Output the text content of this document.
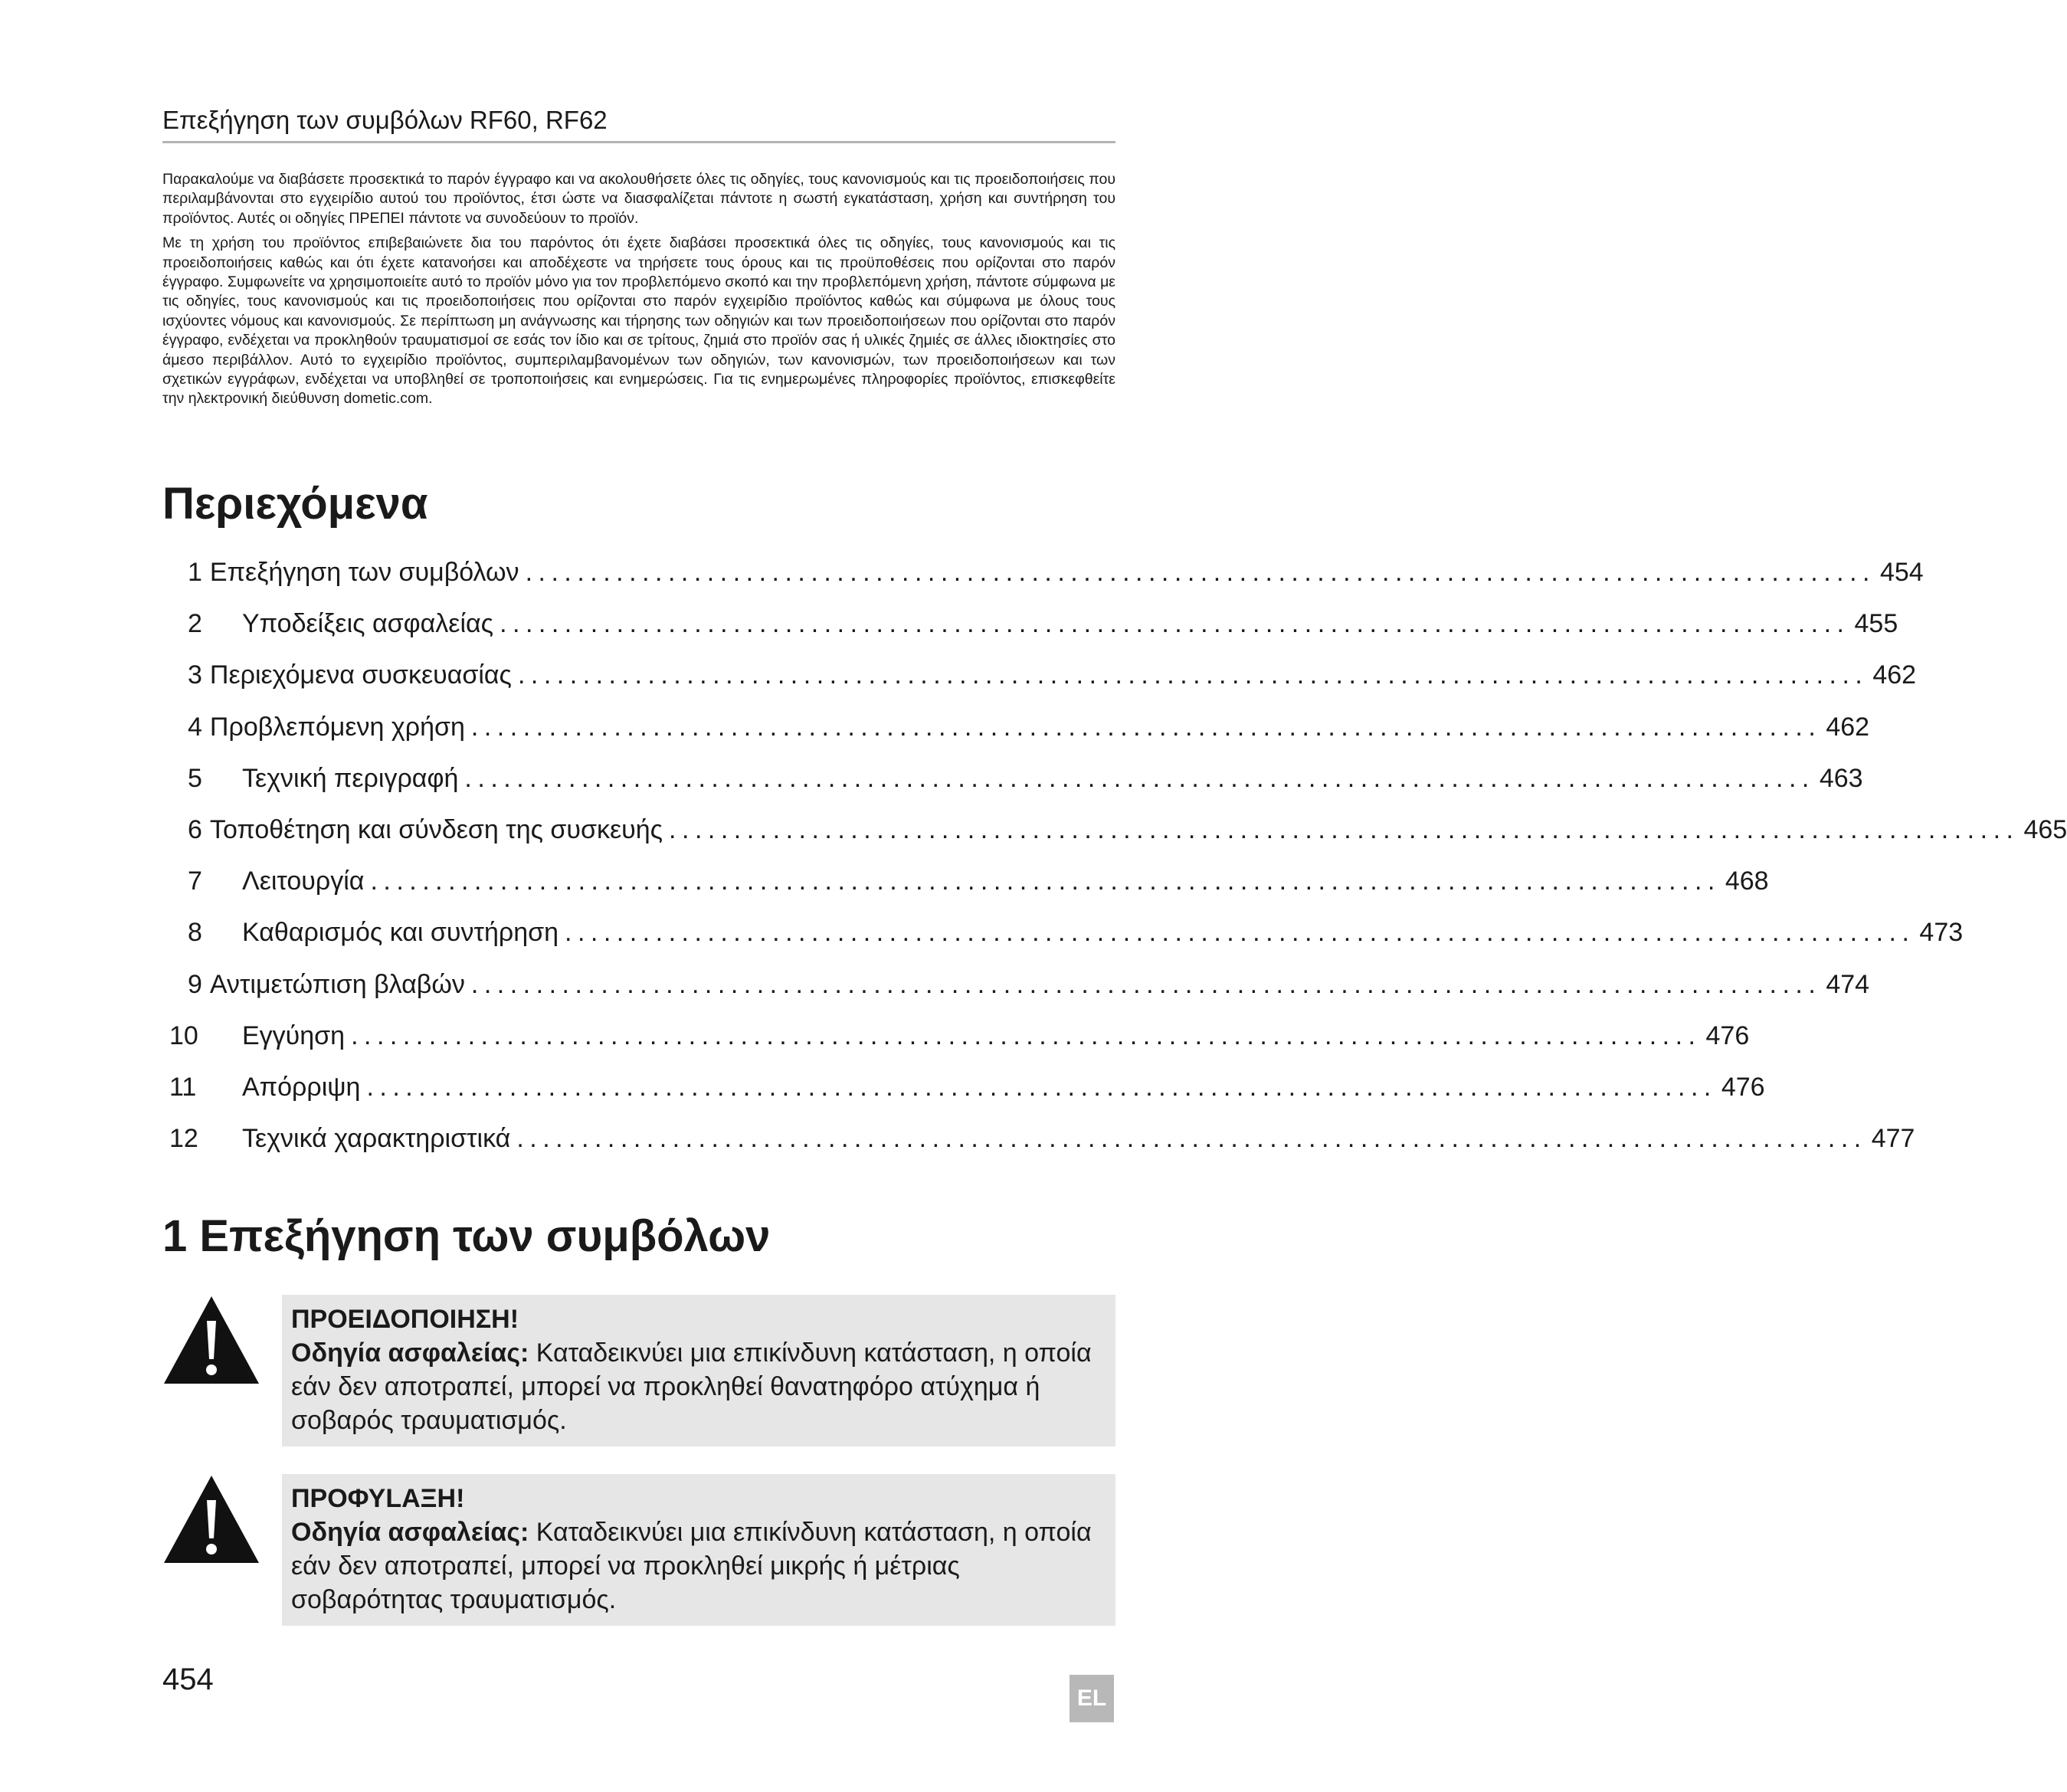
Επεξήγηση των συμβόλων RF60, RF62

Παρακαλούμε να διαβάσετε προσεκτικά το παρόν έγγραφο και να ακολουθήσετε όλες τις οδηγίες, τους κανονισμούς και τις προειδοποιήσεις που περιλαμβάνονται στο εγχειρίδιο αυτού του προϊόντος, έτσι ώστε να διασφαλίζεται πάντοτε η σωστή εγκατάσταση, χρήση και συντήρηση του προϊόντος. Αυτές οι οδηγίες ΠΡΕΠΕΙ πάντοτε να συνοδεύουν το προϊόν.

Με τη χρήση του προϊόντος επιβεβαιώνετε δια του παρόντος ότι έχετε διαβάσει προσεκτικά όλες τις οδηγίες, τους κανονισμούς και τις προειδοποιήσεις καθώς και ότι έχετε κατανοήσει και αποδέχεστε να τηρήσετε τους όρους και τις προϋποθέσεις που ορίζονται στο παρόν έγγραφο. Συμφωνείτε να χρησιμοποιείτε αυτό το προϊόν μόνο για τον προβλεπόμενο σκοπό και την προβλεπόμενη χρήση, πάντοτε σύμφωνα με τις οδηγίες, τους κανονισμούς και τις προειδοποιήσεις που ορίζονται στο παρόν εγχειρίδιο προϊόντος καθώς και σύμφωνα με όλους τους ισχύοντες νόμους και κανονισμούς. Σε περίπτωση μη ανάγνωσης και τήρησης των οδηγιών και των προειδοποιήσεων που ορίζονται στο παρόν έγγραφο, ενδέχεται να προκληθούν τραυματισμοί σε εσάς τον ίδιο και σε τρίτους, ζημιά στο προϊόν σας ή υλικές ζημιές σε άλλες ιδιοκτησίες στο άμεσο περιβάλλον. Αυτό το εγχειρίδιο προϊόντος, συμπεριλαμβανομένων των οδηγιών, των κανονισμών, των προειδοποιήσεων και των σχετικών εγγράφων, ενδέχεται να υποβληθεί σε τροποποιήσεις και ενημερώσεις. Για τις ενημερωμένες πληροφορίες προϊόντος, επισκεφθείτε την ηλεκτρονική διεύθυνση dometic.com.

Περιεχόμενα
1 Επεξήγηση των συμβόλων ........................................................................................................ 454
2	Υποδείξεις ασφαλείας ........................................................................................................ 455
3 Περιεχόμενα συσκευασίας ........................................................................................................ 462
4 Προβλεπόμενη χρήση ........................................................................................................ 462
5	Τεχνική περιγραφή ........................................................................................................ 463
6 Τοποθέτηση και σύνδεση της συσκευής ........................................................................................................ 465
7	Λειτουργία ........................................................................................................ 468
8	Καθαρισμός και συντήρηση ........................................................................................................ 473
9 Αντιμετώπιση βλαβών ........................................................................................................ 474
10	Εγγύηση ........................................................................................................ 476
11	Απόρριψη ........................................................................................................ 476
12	Τεχνικά χαρακτηριστικά ........................................................................................................ 477
1 Επεξήγηση των συμβόλων
ΠΡΟΕΙΔΟΠΟΙΗΣΗ!
Οδηγία ασφαλείας: Καταδεικνύει μια επικίνδυνη κατάσταση, η οποία εάν δεν αποτραπεί, μπορεί να προκληθεί θανατηφόρο ατύχημα ή σοβαρός τραυματισμός.
ΠΡΟΦΥLΑΞΗ!
Οδηγία ασφαλείας: Καταδεικνύει μια επικίνδυνη κατάσταση, η οποία εάν δεν αποτραπεί, μπορεί να προκληθεί μικρής ή μέτριας σοβαρότητας τραυματισμός.
454
EL
